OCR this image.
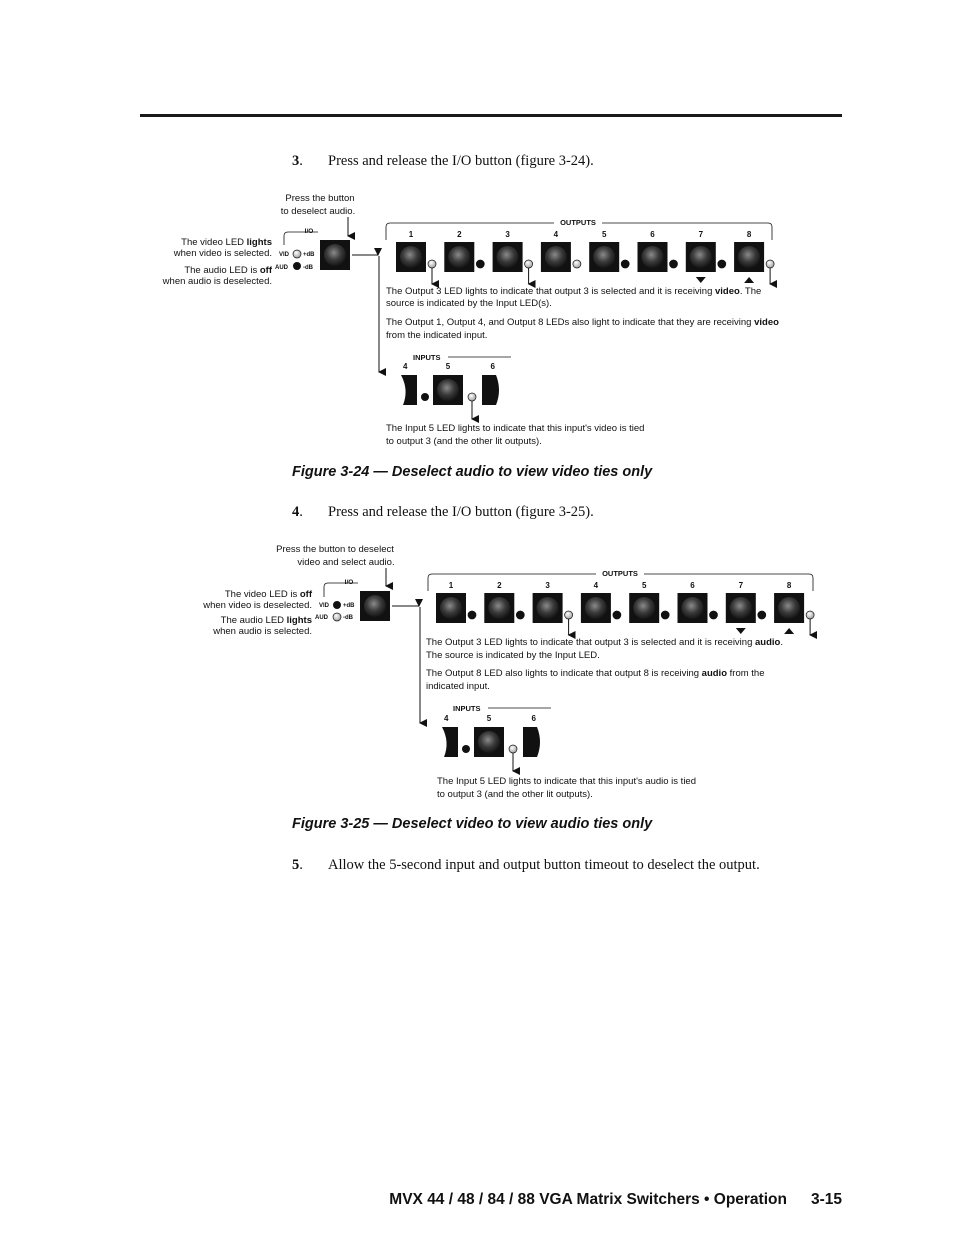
3. Press and release the I/O button (figure 3-24).
Press the button
to deselect audio.
The video LED lights
when video is selected.
The audio LED is off
when audio is deselected.
I/O
VID +dB
AUD	-dB
OUTPUTS
1	2	3	4	5	6	7	8
The Output 3 LED lights to indicate that output 3 is selected and it is receiving video. The
source is indicated by the Input LED(s).
The Output 1, Output 4, and Output 8 LEDs also light to indicate that they are receiving video
from the indicated input.
INPUTS
4	5	6
The Input 5 LED lights to indicate that this input's video is tied
to output 3 (and the other lit outputs).
Figure 3-24 — Deselect audio to view video ties only
4. Press and release the I/O button (figure 3-25).
Press the button to deselect
video and select audio.
The video LED is off
when video is deselected.
The audio LED lights
when audio is selected.
I/O
VID +dB
AUD	-dB
OUTPUTS
1	2	3	4	5	6	7	8
The Output 3 LED lights to indicate that output 3 is selected and it is receiving audio.
The source is indicated by the Input LED.
The Output 8 LED also lights to indicate that output 8 is receiving audio from the
indicated input.
INPUTS
4	5	6
The Input 5 LED lights to indicate that this input's audio is tied
to output 3 (and the other lit outputs).
Figure 3-25 — Deselect video to view audio ties only
5. Allow the 5-second input and output button timeout to deselect the output.
MVX 44 / 48 / 84 / 88 VGA Matrix Switchers • Operation 3-15
